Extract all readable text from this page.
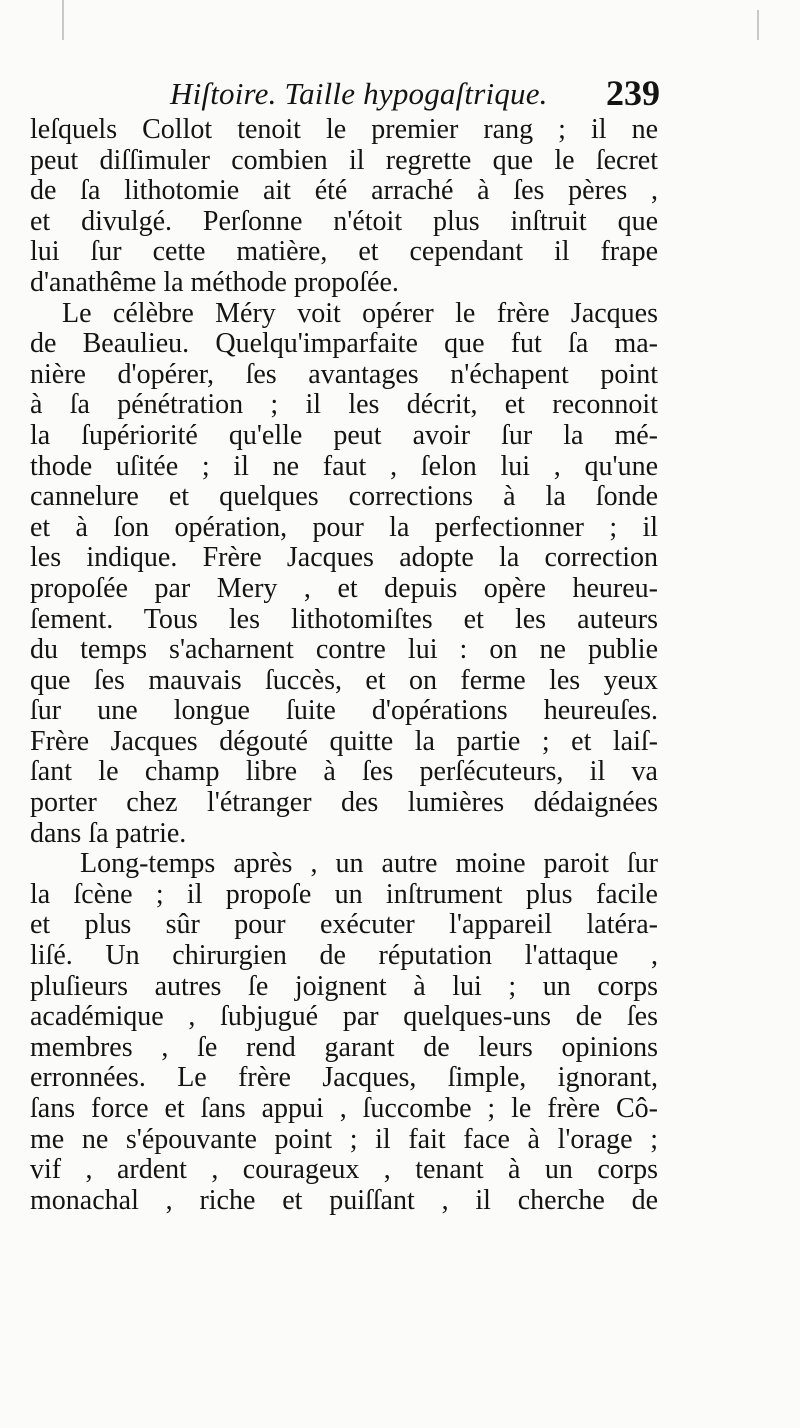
Hiſtoire. Taille hypogaſtrique. 239
leſquels Collot tenoit le premier rang ; il ne
peut diſſimuler combien il regrette que le ſecret
de ſa lithotomie ait été arraché à ſes pères ,
et divulgé. Perſonne n'étoit plus inſtruit que
lui ſur cette matière, et cependant il frape
d'anathême la méthode propoſée.
Le célèbre Méry voit opérer le frère Jacques
de Beaulieu. Quelqu'imparfaite que fut ſa ma-
nière d'opérer, ſes avantages n'échapent point
à ſa pénétration ; il les décrit, et reconnoit
la ſupériorité qu'elle peut avoir ſur la mé-
thode uſitée ; il ne faut , ſelon lui , qu'une
cannelure et quelques corrections à la ſonde
et à ſon opération, pour la perfectionner ; il
les indique. Frère Jacques adopte la correction
propoſée par Mery , et depuis opère heureu-
ſement. Tous les lithotomiſtes et les auteurs
du temps s'acharnent contre lui : on ne publie
que ſes mauvais ſuccès, et on ferme les yeux
ſur une longue ſuite d'opérations heureuſes.
Frère Jacques dégouté quitte la partie ; et laiſ-
ſant le champ libre à ſes perſécuteurs, il va
porter chez l'étranger des lumières dédaignées
dans ſa patrie.
Long-temps après , un autre moine paroit ſur
la ſcène ; il propoſe un inſtrument plus facile
et plus sûr pour exécuter l'appareil latéra-
liſé. Un chirurgien de réputation l'attaque ,
pluſieurs autres ſe joignent à lui ; un corps
académique , ſubjugué par quelques-uns de ſes
membres , ſe rend garant de leurs opinions
erronnées. Le frère Jacques, ſimple, ignorant,
ſans force et ſans appui , ſuccombe ; le frère Cô-
me ne s'épouvante point ; il fait face à l'orage ;
vif , ardent , courageux , tenant à un corps
monachal , riche et puiſſant , il cherche de
